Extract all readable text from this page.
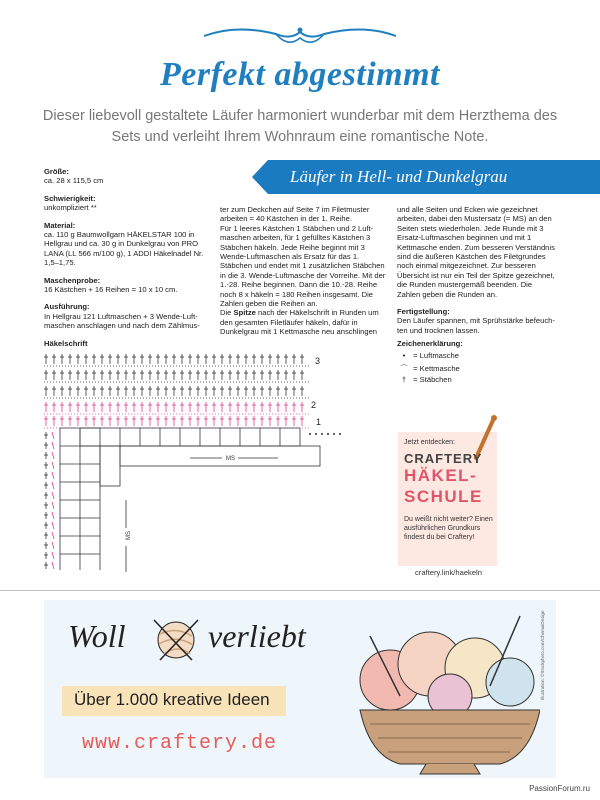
Perfekt abgestimmt
Dieser liebevoll gestaltete Läufer harmoniert wunderbar mit dem Herzthema des Sets und verleiht Ihrem Wohnraum eine romantische Note.
Läufer in Hell- und Dunkelgrau

Größe:
ca. 28 x 115,5 cm

Schwierigkeit:
unkompliziert **

Material:
ca. 110 g Baumwollgarn HÄKELSTAR 100 in Hellgrau und ca. 30 g in Dunkelgrau von PRO LANA (LL 566 m/100 g), 1 ADDI Häkelnadel Nr. 1,5–1,75.

Maschenprobe:
16 Kästchen + 16 Reihen = 10 x 10 cm.

Ausführung:
In Hellgrau 121 Luftmaschen + 3 Wende-Luftmaschen anschlagen und nach dem Zählmus-

ter zum Deckchen auf Seite 7 im Filetmuster arbeiten = 40 Kästchen in der 1. Reihe.
Für 1 leeres Kästchen 1 Stäbchen und 2 Luftmaschen arbeiten, für 1 gefülltes Kästchen 3 Stäbchen häkeln. Jede Reihe beginnt mit 3 Wende-Luftmaschen als Ersatz für das 1. Stäbchen und endet mit 1 zusätzlichen Stäbchen in die 3. Wende-Luftmasche der Vorreihe. Mit der 1.-28. Reihe beginnen. Dann die 10.-28. Reihe noch 8 x häkeln = 180 Reihen insgesamt. Die Zahlen geben die Reihen an.
Die Spitze nach der Häkelschrift in Runden um den gesamten Filetläufer häkeln, dafür in Dunkelgrau mit 1 Kettmasche neu anschlingen

und alle Seiten und Ecken wie gezeichnet arbeiten, dabei den Mustersatz (= MS) an den Seiten stets wiederholen. Jede Runde mit 3 Ersatz-Luftmaschen beginnen und mit 1 Kettmasche enden. Zum besseren Verständnis sind die äußeren Kästchen des Filetgrundes noch einmal mitgezeichnet. Zur besseren Übersicht ist nur ein Teil der Spitze gezeichnet, die Runden mustergemäß beenden. Die Zahlen geben die Runden an.

Fertigstellung:
Den Läufer spannen, mit Sprühstärke befeuchten und trocknen lassen.

Zeichenerklärung:
• = Luftmasche
⌒ = Kettmasche
† = Stäbchen
Häkelschrift
3
2
1
MS
MS
Jetzt entdecken:
CRAFTERY
HÄKEL-
SCHULE
Du weißt nicht weiter? Einen ausführlichen Grundkurs findest du bei Craftery!
craftery.link/haekeln
Woll	verliebt
Über 1.000 kreative Ideen
www.craftery.de
Illustration: ©Stockphoto.com/ChemaiDesign
PassionForum.ru
